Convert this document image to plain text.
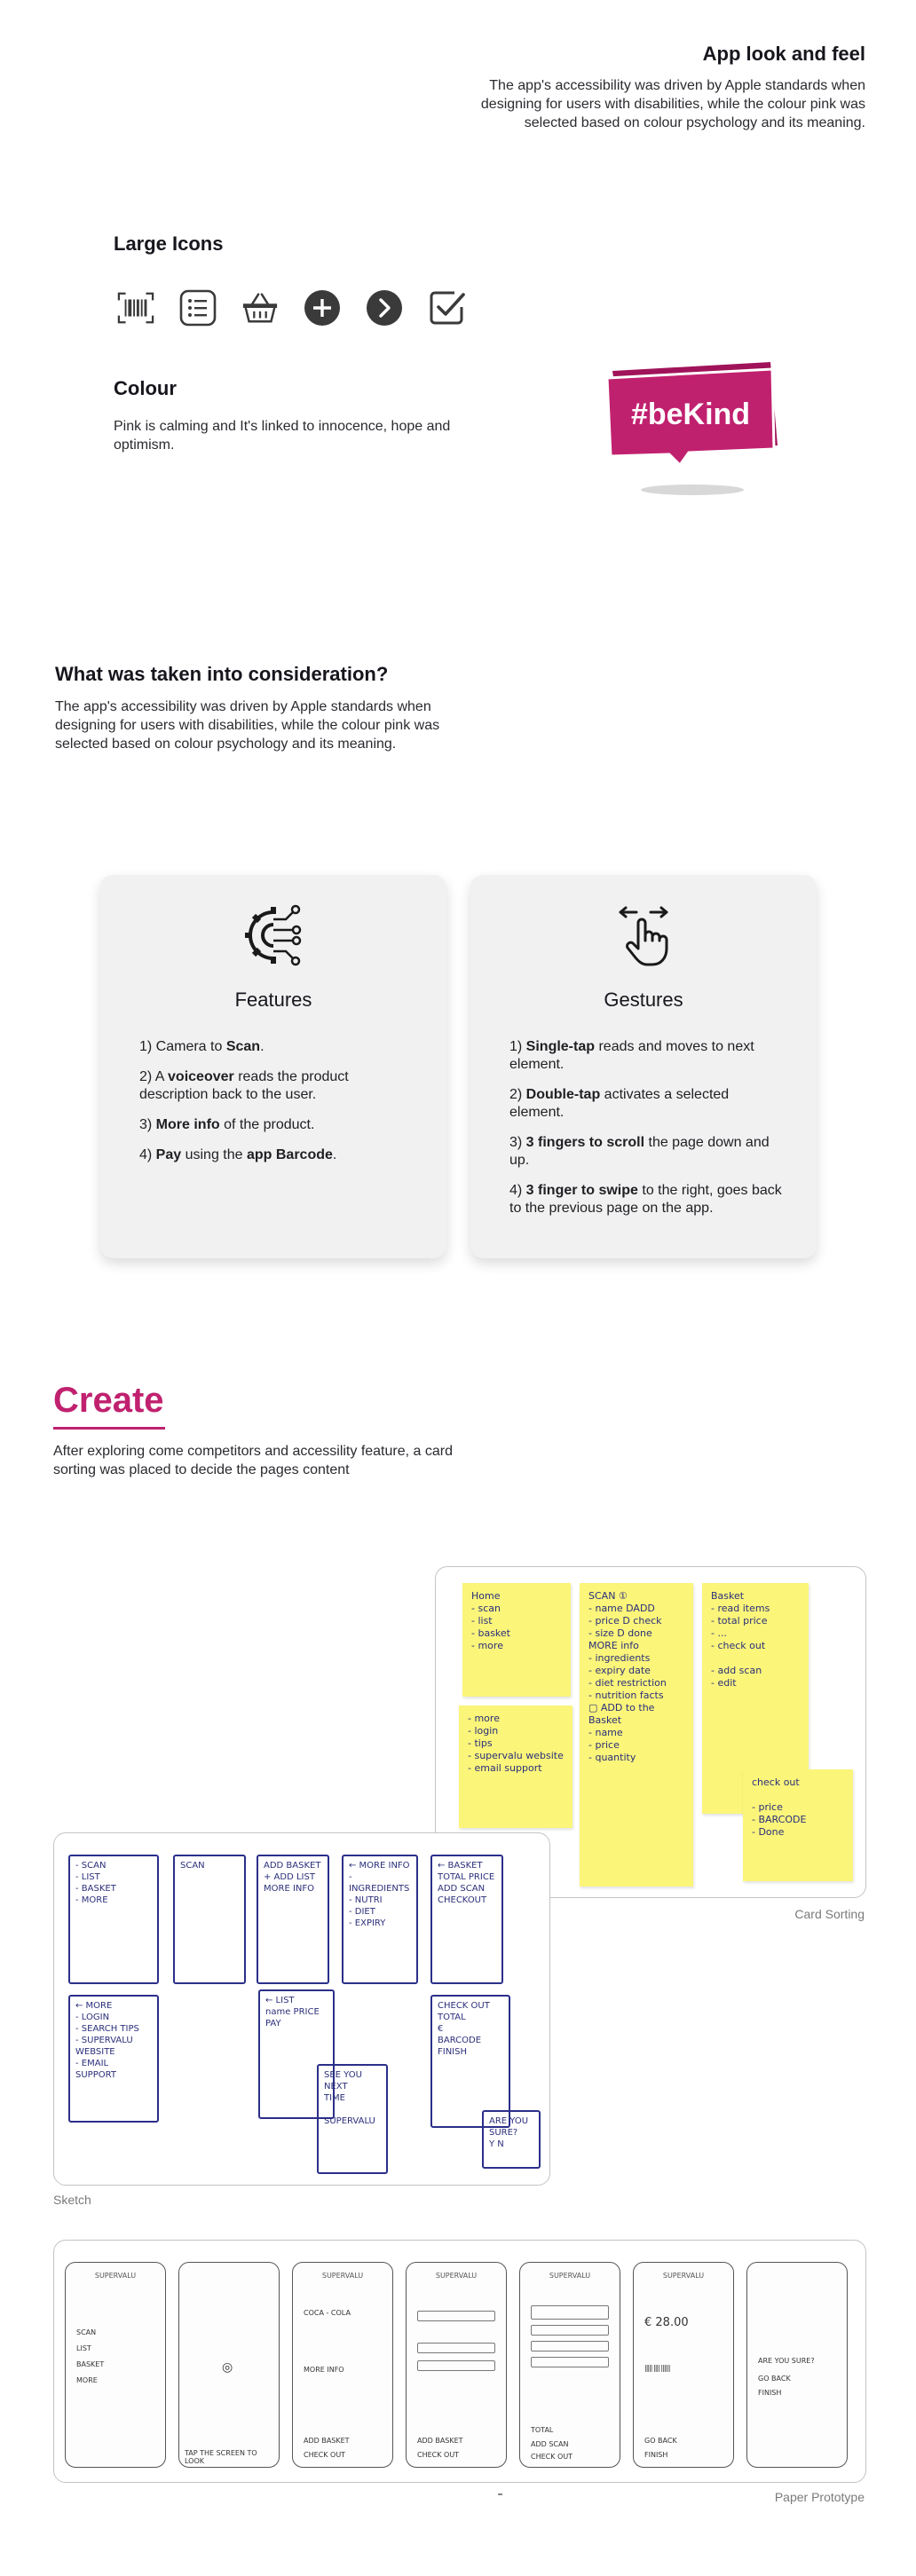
App look and feel
The app's accessibility was driven by Apple standards when designing for users with disabilities, while the colour pink was selected based on colour psychology and its meaning.
Large Icons
Colour
Pink is calming and It's linked to innocence, hope and optimism.
#beKind
What was taken into consideration?
The app's accessibility was driven by Apple standards when designing for users with disabilities, while the colour pink was selected based on colour psychology and its meaning.
Features

1) Camera to Scan.

2) A voiceover reads the product description back to the user.

3) More info of the product.

4) Pay using the app Barcode.

Gestures

1) Single-tap reads and moves to next element.

2) Double-tap activates a selected element.

3) 3 fingers to scroll the page down and up.

4) 3 finger to swipe to the right, goes back to the previous page on the app.

Create
After exploring come competitors and accessility feature, a card sorting was placed to decide the pages content
Home
- scan
- list
- basket
- more
SCAN ①
- name DADD
- price D check
- size D done
MORE info
- ingredients
- expiry date
- diet restriction
- nutrition facts
▢ ADD to the
Basket
- name
- price
- quantity
Basket
- read items
- total price
- ...
- check out

- add scan
- edit
- more
- login
- tips
- supervalu website
- email support
check out

- price
- BARCODE
- Done
Card Sorting
- SCAN
- LIST
- BASKET
- MORE
SCAN	ADD BASKET
+ ADD LIST
MORE INFO
← MORE INFO
- INGREDIENTS
- NUTRI
- DIET
- EXPIRY
← BASKET
TOTAL PRICE
ADD SCAN
CHECKOUT
← MORE
- LOGIN
- SEARCH TIPS
- SUPERVALU WEBSITE
- EMAIL SUPPORT
← LIST
name PRICE
PAY
SEE YOU
NEXT
TIME

SUPERVALU
CHECK OUT
TOTAL
€
BARCODE
FINISH
ARE YOU
SURE?
Y N
Sketch
SUPERVALU
SCAN
LIST
BASKET
MORE
◎
TAP THE SCREEN TO LOOK
SUPERVALU
COCA - COLA
MORE INFO
ADD BASKET
CHECK OUT
SUPERVALU
ADD BASKET
CHECK OUT
SUPERVALU
TOTAL
ADD SCAN
CHECK OUT
SUPERVALU
€ 28.00
||||| |||| ||||||
GO BACK
FINISH
ARE YOU SURE?
GO BACK
FINISH
Paper Prototype
